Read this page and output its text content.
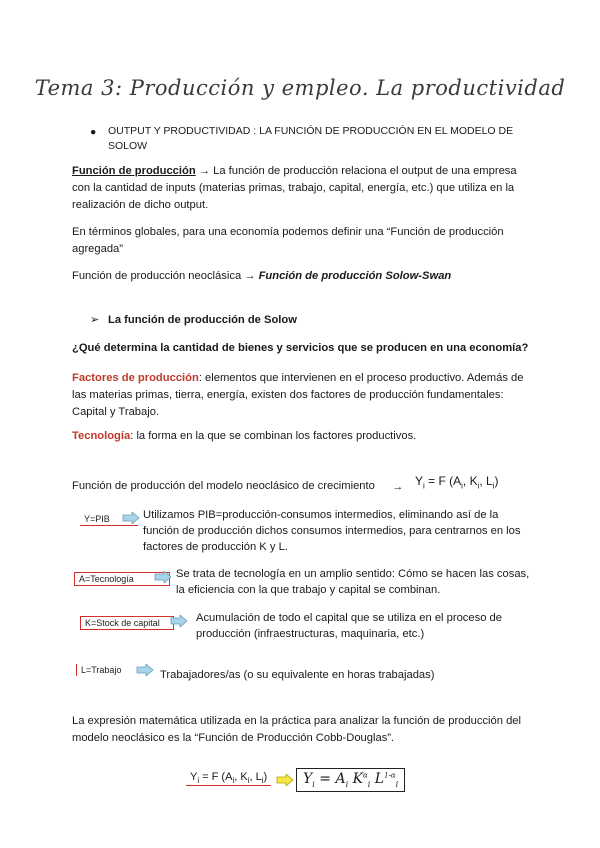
Tema 3: Producción y empleo. La productividad
● OUTPUT Y PRODUCTIVIDAD : LA FUNCIÓN DE PRODUCCIÓN EN EL MODELO DE SOLOW
Función de producción → La función de producción relaciona el output de una empresa con la cantidad de inputs (materias primas, trabajo, capital, energía, etc.) que utiliza en la realización de dicho output.
En términos globales, para una economía podemos definir una “Función de producción agregada”
Función de producción neoclásica → Función de producción Solow-Swan
➢ La función de producción de Solow
¿Qué determina la cantidad de bienes y servicios que se producen en una economía?
Factores de producción: elementos que intervienen en el proceso productivo. Además de las materias primas, tierra, energía, existen dos factores de producción fundamentales: Capital y Trabajo.
Tecnología: la forma en la que se combinan los factores productivos.
Función de producción del modelo neoclásico de crecimiento → $Y_i = F$ ($A_i$, $K_i$, $L_i$)
Y=PIB	Utilizamos PIB=producción-consumos intermedios, eliminando así de la función de producción dichos consumos intermedios, para centrarnos en los factores de producción K y L.
A=Tecnología	Se trata de tecnología en un amplio sentido: Cómo se hacen las cosas, la eficiencia con la que trabajo y capital se combinan.
K=Stock de capital	Acumulación de todo el capital que se utiliza en el proceso de producción (infraestructuras, maquinaria, etc.)
L=Trabajo	Trabajadores/as (o su equivalente en horas trabajadas)
La expresión matemática utilizada en la práctica para analizar la función de producción del modelo neoclásico es la “Función de Producción Cobb-Douglas”.
$Y_i = F$ ($A_i$, $K_i$, $L_i$)	$Y_i = A_i$ $K^\alpha_i$ $L^{1-\alpha}_i$
